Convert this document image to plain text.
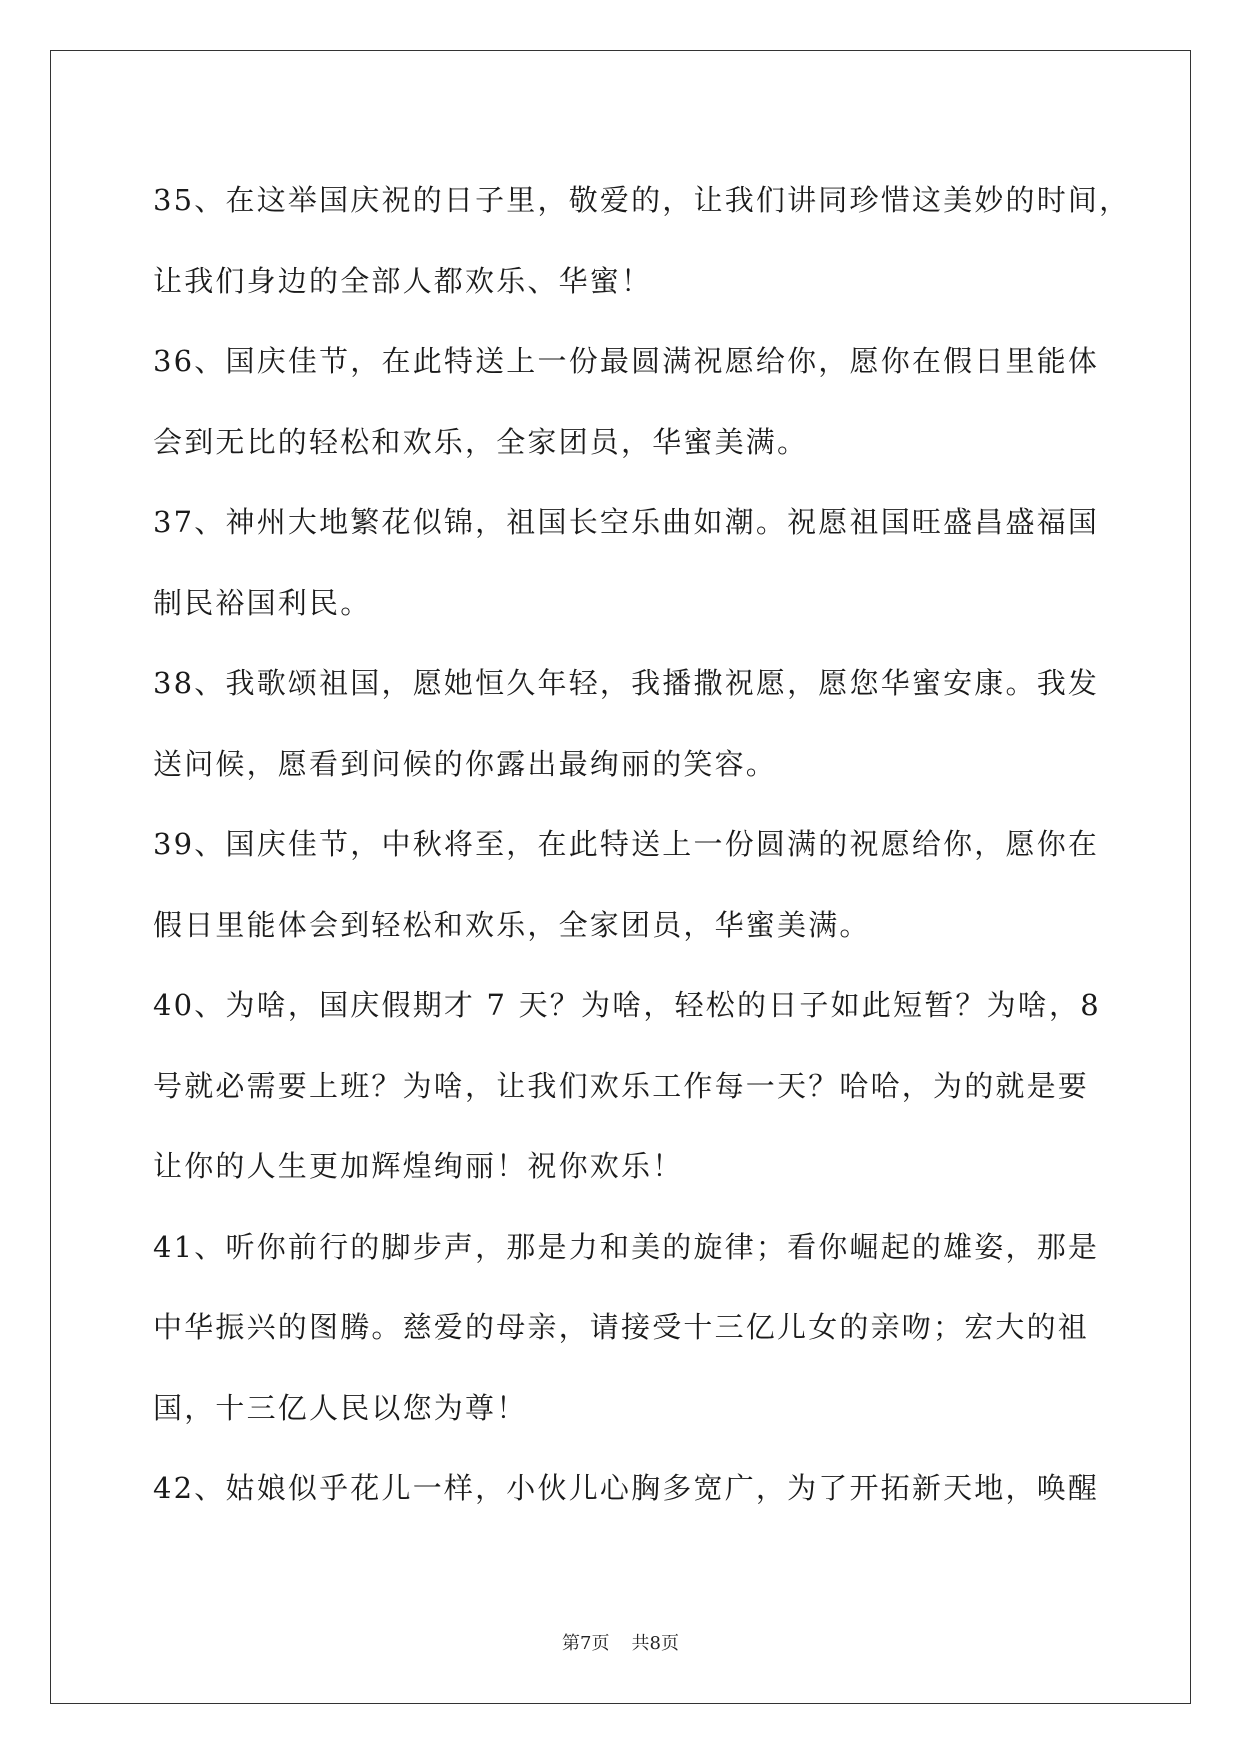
35、在这举国庆祝的日子里，敬爱的，让我们讲同珍惜这美妙的时间，

让我们身边的全部人都欢乐、华蜜！

36、国庆佳节，在此特送上一份最圆满祝愿给你，愿你在假日里能体

会到无比的轻松和欢乐，全家团员，华蜜美满。

37、神州大地繁花似锦，祖国长空乐曲如潮。祝愿祖国旺盛昌盛福国

制民裕国利民。

38、我歌颂祖国，愿她恒久年轻，我播撒祝愿，愿您华蜜安康。我发

送问候，愿看到问候的你露出最绚丽的笑容。

39、国庆佳节，中秋将至，在此特送上一份圆满的祝愿给你，愿你在

假日里能体会到轻松和欢乐，全家团员，华蜜美满。

40、为啥，国庆假期才 7 天？为啥，轻松的日子如此短暂？为啥，8

号就必需要上班？为啥，让我们欢乐工作每一天？哈哈，为的就是要

让你的人生更加辉煌绚丽！祝你欢乐！

41、听你前行的脚步声，那是力和美的旋律；看你崛起的雄姿，那是

中华振兴的图腾。慈爱的母亲，请接受十三亿儿女的亲吻；宏大的祖

国，十三亿人民以您为尊！

42、姑娘似乎花儿一样，小伙儿心胸多宽广，为了开拓新天地，唤醒

第7页 共8页
